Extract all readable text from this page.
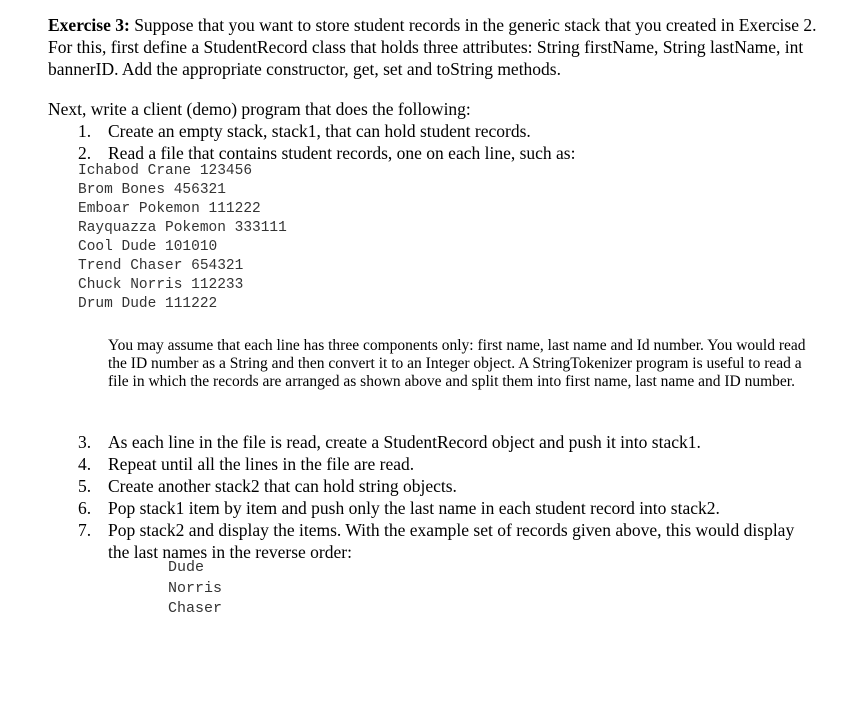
Exercise 3: Suppose that you want to store student records in the generic stack that you created in Exercise 2. For this, first define a StudentRecord class that holds three attributes: String firstName, String lastName, int bannerID. Add the appropriate constructor, get, set and toString methods.

Next, write a client (demo) program that does the following:

1. Create an empty stack, stack1, that can hold student records.
2. Read a file that contains student records, one on each line, such as:
Ichabod Crane 123456
Brom Bones 456321
Emboar Pokemon 111222
Rayquazza Pokemon 333111
Cool Dude 101010
Trend Chaser 654321
Chuck Norris 112233
Drum Dude 111222

You may assume that each line has three components only: first name, last name and Id number. You would read the ID number as a String and then convert it to an Integer object. A StringTokenizer program is useful to read a file in which the records are arranged as shown above and split them into first name, last name and ID number.

3. As each line in the file is read, create a StudentRecord object and push it into stack1.
4. Repeat until all the lines in the file are read.
5. Create another stack2 that can hold string objects.
6. Pop stack1 item by item and push only the last name in each student record into stack2.
7. Pop stack2 and display the items. With the example set of records given above, this would display the last names in the reverse order:
Dude
Norris
Chaser
